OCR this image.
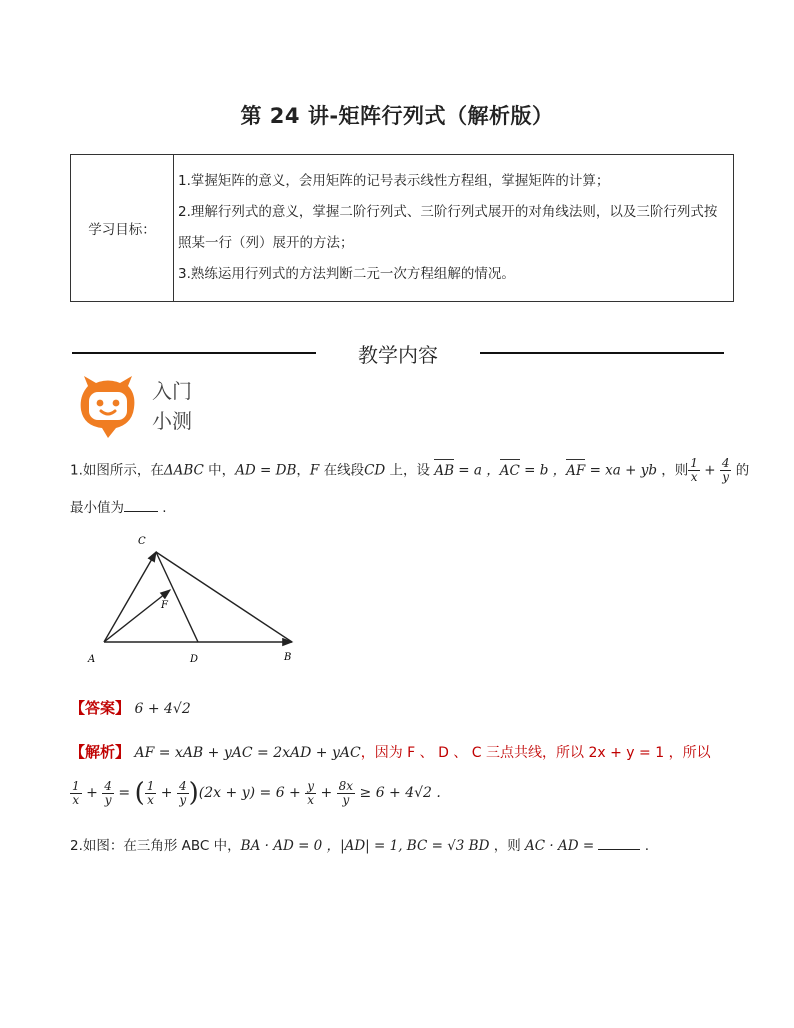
第 24 讲-矩阵行列式（解析版）
学习目标：	
1.掌握矩阵的意义，会用矩阵的记号表示线性方程组，掌握矩阵的计算；
2.理解行列式的意义，掌握二阶行列式、三阶行列式展开的对角线法则，以及三阶行列式按照某一行（列）展开的方法；
3.熟练运用行列式的方法判断二元一次方程组解的情况。
教学内容
入门
小测
1.如图所示，在ΔABC 中，AD = DB，F 在线段CD 上，设 AB = a ，AC = b ，AF = xa + yb ，则 $\frac{1}{x} + \frac{4}{y}$ 的
最小值为	.
C
F
A	D	B
【答案】 6 + 4√2
【解析】 AF = xAB + yAC = 2xAD + yAC，因为 F 、 D 、 C 三点共线，所以 2x + y = 1 ，所以
$\frac{1}{x} + \frac{4}{y}$ = ( $\frac{1}{x} + \frac{4}{y} )(2x + y) = 6 + \frac{y}{x} + \frac{8x}{y} \ge 6 + 4√2$ .
2.如图：在三角形 ABC 中，BA · AD = 0 ，|AD| = 1, BC = √3 BD ，则 AC · AD =	.
